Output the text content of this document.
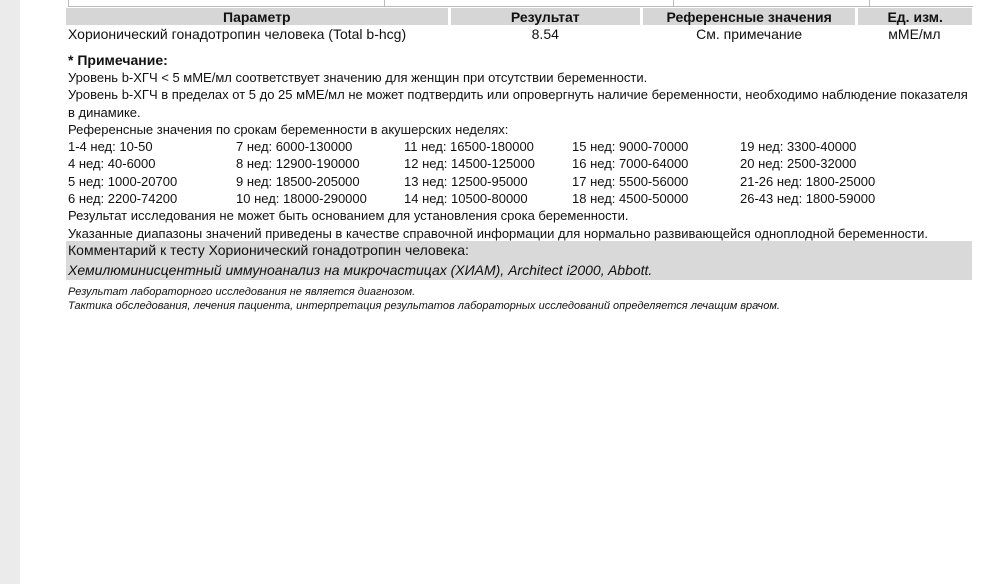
Параметр	Результат	Референсные значения	Ед. изм.
Хорионический гонадотропин человека (Total b-hcg)	8.54	См. примечание	мМЕ/мл
* Примечание:
Уровень b-ХГЧ < 5 мМЕ/мл соответствует значению для женщин при отсутствии беременности.
Уровень b-ХГЧ в пределах от 5 до 25 мМЕ/мл не может подтвердить или опровергнуть наличие беременности, необходимо наблюдение показателя в динамике.
Референсные значения по срокам беременности в акушерских неделях:
1-4 нед: 10-50	7 нед: 6000-130000	11 нед: 16500-180000	15 нед: 9000-70000	19 нед: 3300-40000
4 нед: 40-6000	8 нед: 12900-190000	12 нед: 14500-125000	16 нед: 7000-64000	20 нед: 2500-32000
5 нед: 1000-20700	9 нед: 18500-205000	13 нед: 12500-95000	17 нед: 5500-56000	21-26 нед: 1800-25000
6 нед: 2200-74200	10 нед: 18000-290000	14 нед: 10500-80000	18 нед: 4500-50000	26-43 нед: 1800-59000
Результат исследования не может быть основанием для установления срока беременности.
Указанные диапазоны значений приведены в качестве справочной информации для нормально развивающейся одноплодной беременности.
Комментарий к тесту Хорионический гонадотропин человека:
Хемилюминисцентный иммуноанализ на микрочастицах (ХИАМ), Architect i2000, Abbott.
Результат лабораторного исследования не является диагнозом.
Тактика обследования, лечения пациента, интерпретация результатов лабораторных исследований определяется лечащим врачом.
